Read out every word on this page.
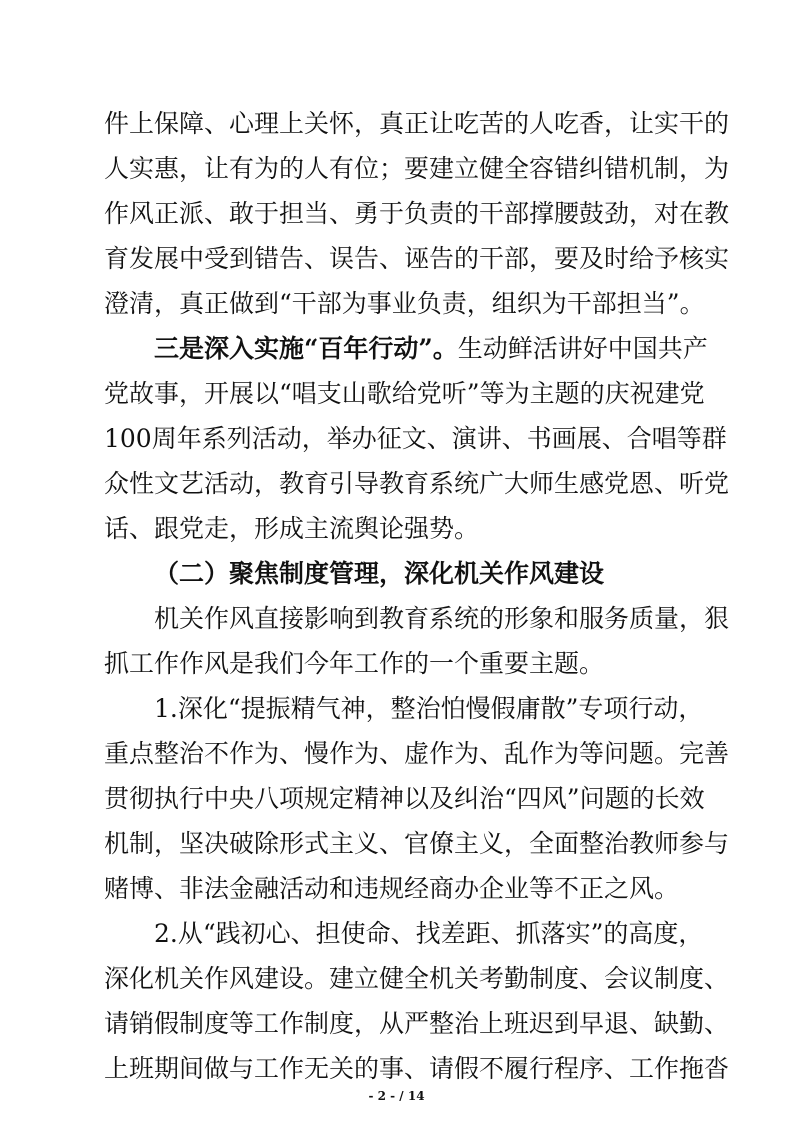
件上保障、心理上关怀，真正让吃苦的人吃香，让实干的
人实惠，让有为的人有位；要建立健全容错纠错机制，为
作风正派、敢于担当、勇于负责的干部撑腰鼓劲，对在教
育发展中受到错告、误告、诬告的干部，要及时给予核实
澄清，真正做到“干部为事业负责，组织为干部担当”。
三是深入实施“百年行动”。生动鲜活讲好中国共产
党故事，开展以“唱支山歌给党听”等为主题的庆祝建党
100周年系列活动，举办征文、演讲、书画展、合唱等群
众性文艺活动，教育引导教育系统广大师生感党恩、听党
话、跟党走，形成主流舆论强势。
（二）聚焦制度管理，深化机关作风建设
机关作风直接影响到教育系统的形象和服务质量，狠
抓工作作风是我们今年工作的一个重要主题。
1.深化“提振精气神，整治怕慢假庸散”专项行动，
重点整治不作为、慢作为、虚作为、乱作为等问题。完善
贯彻执行中央八项规定精神以及纠治“四风”问题的长效
机制，坚决破除形式主义、官僚主义，全面整治教师参与
赌博、非法金融活动和违规经商办企业等不正之风。
2.从“践初心、担使命、找差距、抓落实”的高度，
深化机关作风建设。建立健全机关考勤制度、会议制度、
请销假制度等工作制度，从严整治上班迟到早退、缺勤、
上班期间做与工作无关的事、请假不履行程序、工作拖沓
- 2 - / 14
